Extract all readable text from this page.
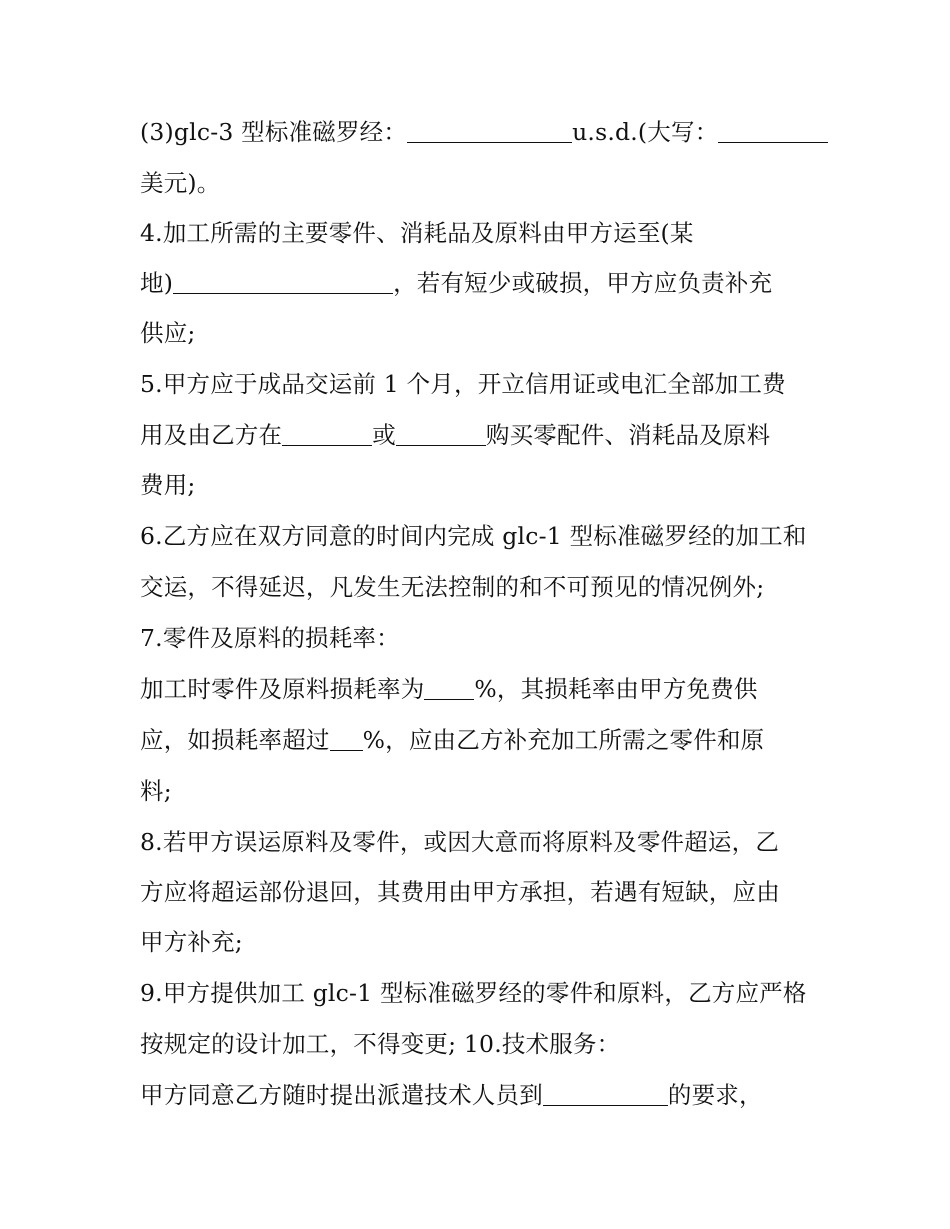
(3)glc-3 型标准磁罗经：	u.s.d.(大写：
美元)。
4.加工所需的主要零件、消耗品及原料由甲方运至(某
地)	，若有短少或破损，甲方应负责补充
供应;
5.甲方应于成品交运前 1 个月，开立信用证或电汇全部加工费
用及由乙方在	或	购买零配件、消耗品及原料
费用;
6.乙方应在双方同意的时间内完成 glc-1 型标准磁罗经的加工和
交运，不得延迟，凡发生无法控制的和不可预见的情况例外;
7.零件及原料的损耗率：
加工时零件及原料损耗率为 %，其损耗率由甲方免费供
应，如损耗率超过 %，应由乙方补充加工所需之零件和原
料;
8.若甲方误运原料及零件，或因大意而将原料及零件超运，乙
方应将超运部份退回，其费用由甲方承担，若遇有短缺，应由
甲方补充;
9.甲方提供加工 glc-1 型标准磁罗经的零件和原料，乙方应严格
按规定的设计加工，不得变更; 10.技术服务：
甲方同意乙方随时提出派遣技术人员到	的要求，
